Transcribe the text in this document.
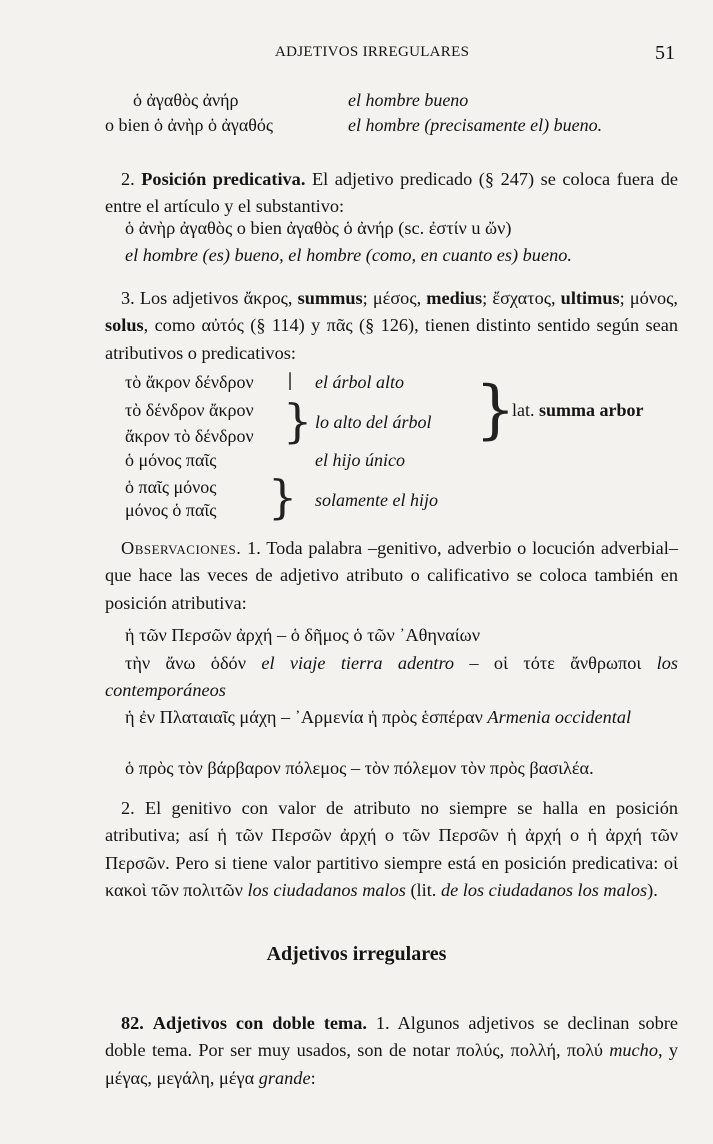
ADJETIVOS IRREGULARES	51
ὁ ἀγαθὸς ἀνήρ	el hombre bueno
o bien ὁ ἀνὴρ ὁ ἀγαθός	el hombre (precisamente el) bueno.

2. Posición predicativa. El adjetivo predicado (§ 247) se coloca fuera de entre el artículo y el substantivo:

ὁ ἀνὴρ ἀγαθὸς o bien ἀγαθὸς ὁ ἀνήρ (sc. ἐστίν u ὤν)
el hombre (es) bueno, el hombre (como, en cuanto es) bueno.

3. Los adjetivos ἄκρος, summus; μέσος, medius; ἔσχατος, ultimus; μόνος, solus, como αὐτός (§ 114) y πᾶς (§ 126), tienen distinto sentido según sean atributivos o predicativos:

τὸ ἄκρον δένδρον | el árbol alto
τὸ δένδρον ἄκρον
ἄκρον τὸ δένδρον } lo alto del árbol }
lat. summa arbor
ὁ μόνος παῖς	el hijo único
ὁ παῖς μόνος
μόνος ὁ παῖς } solamente el hijo

Observaciones. 1. Toda palabra –genitivo, adverbio o locución adverbial– que hace las veces de adjetivo atributo o calificativo se coloca también en posición atributiva:

ἡ τῶν Περσῶν ἀρχή – ὁ δῆμος ὁ τῶν ᾽Αθηναίων

τὴν ἄνω ὁδόν el viaje tierra adentro – οἱ τότε ἄνθρωποι los contemporáneos

ἡ ἐν Πλαταιαῖς μάχη – ᾽Αρμενία ἡ πρὸς ἑσπέραν Armenia occidental

ὁ πρὸς τὸν βάρβαρον πόλεμος – τὸν πόλεμον τὸν πρὸς βασιλέα.

2. El genitivo con valor de atributo no siempre se halla en posición atributiva; así ἡ τῶν Περσῶν ἀρχή o τῶν Περσῶν ἡ ἀρχή o ἡ ἀρχή τῶν Περσῶν. Pero si tiene valor partitivo siempre está en posición predicativa: οἱ κακοὶ τῶν πολιτῶν los ciudadanos malos (lit. de los ciudadanos los malos).

Adjetivos irregulares

82. Adjetivos con doble tema. 1. Algunos adjetivos se declinan sobre doble tema. Por ser muy usados, son de notar πολύς, πολλή, πολύ mucho, y μέγας, μεγάλη, μέγα grande:
